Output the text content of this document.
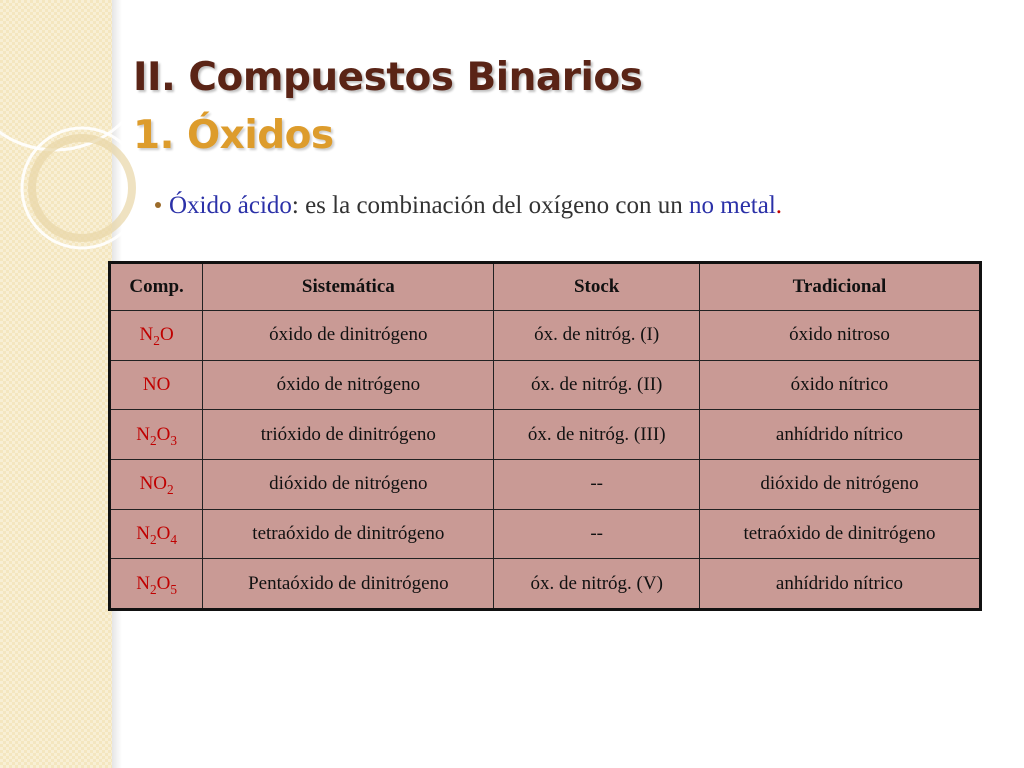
II. Compuestos Binarios
1. Óxidos
Óxido ácido: es la combinación del oxígeno con un no metal.
Comp.	Sistemática	Stock	Tradicional
$N_2O$	óxido de dinitrógeno	óx. de nitróg. (I)	óxido nitroso
NO	óxido de nitrógeno	óx. de nitróg. (II)	óxido nítrico
$N_2O_3$	trióxido de dinitrógeno	óx. de nitróg. (III)	anhídrido nítrico
$NO_2$	dióxido de nitrógeno	--	dióxido de nitrógeno
$N_2O_4$	tetraóxido de dinitrógeno	--	tetraóxido de dinitrógeno
$N_2O_5$	Pentaóxido de dinitrógeno	óx. de nitróg. (V)	anhídrido nítrico
